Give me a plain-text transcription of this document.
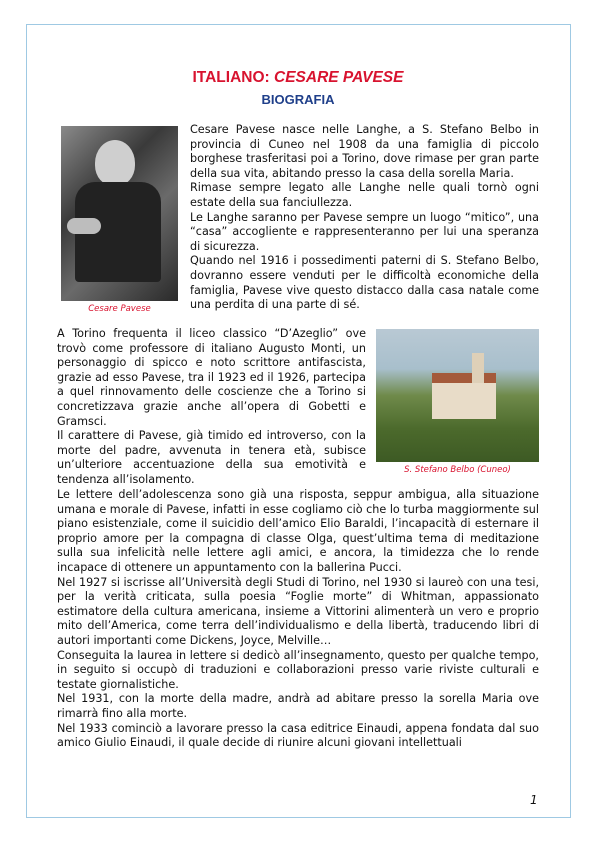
ITALIANO: CESARE PAVESE
BIOGRAFIA
Cesare Pavese
S. Stefano Belbo (Cuneo)
Cesare Pavese nasce nelle Langhe, a S. Stefano Belbo in provincia di Cuneo nel 1908 da una famiglia di piccolo borghese trasferitasi poi a Torino, dove rimase per gran parte della sua vita, abitando presso la casa della sorella Maria.
Rimase sempre legato alle Langhe nelle quali tornò ogni estate della sua fanciullezza.
Le Langhe saranno per Pavese sempre un luogo “mitico”, una “casa” accogliente e rappresenteranno per lui una speranza di sicurezza.
Quando nel 1916 i possedimenti paterni di S. Stefano Belbo, dovranno essere venduti per le difficoltà economiche della famiglia, Pavese vive questo distacco dalla casa natale come una perdita di una parte di sé.
A Torino frequenta il liceo classico “D’Azeglio” ove trovò come professore di italiano Augusto Monti, un personaggio di spicco e noto scrittore antifascista, grazie ad esso Pavese, tra il 1923 ed il 1926, partecipa a quel rinnovamento delle coscienze che a Torino si concretizzava grazie anche all’opera di Gobetti e Gramsci.
Il carattere di Pavese, già timido ed introverso, con la morte del padre, avvenuta in tenera età, subisce un’ulteriore accentuazione della sua emotività e tendenza all’isolamento.
Le lettere dell’adolescenza sono già una risposta, seppur ambigua, alla situazione umana e morale di Pavese, infatti in esse cogliamo ciò che lo turba maggiormente sul piano esistenziale, come il suicidio dell’amico Elio Baraldi, l’incapacità di esternare il proprio amore per la compagna di classe Olga, quest’ultima tema di meditazione sulla sua infelicità nelle lettere agli amici, e ancora, la timidezza che lo rende incapace di ottenere un appuntamento con la ballerina Pucci.
Nel 1927 si iscrisse all’Università degli Studi di Torino, nel 1930 si laureò con una tesi, per la verità criticata, sulla poesia “Foglie morte” di Whitman, appassionato estimatore della cultura americana, insieme a Vittorini alimenterà un vero e proprio mito dell’America, come terra dell’individualismo e della libertà, traducendo libri di autori importanti come Dickens, Joyce, Melville…
Conseguita la laurea in lettere si dedicò all’insegnamento, questo per qualche tempo, in seguito si occupò di traduzioni e collaborazioni presso varie riviste culturali e testate giornalistiche.
Nel 1931, con la morte della madre, andrà ad abitare presso la sorella Maria ove rimarrà fino alla morte.
Nel 1933 cominciò a lavorare presso la casa editrice Einaudi, appena fondata dal suo amico Giulio Einaudi, il quale decide di riunire alcuni giovani intellettuali
1
